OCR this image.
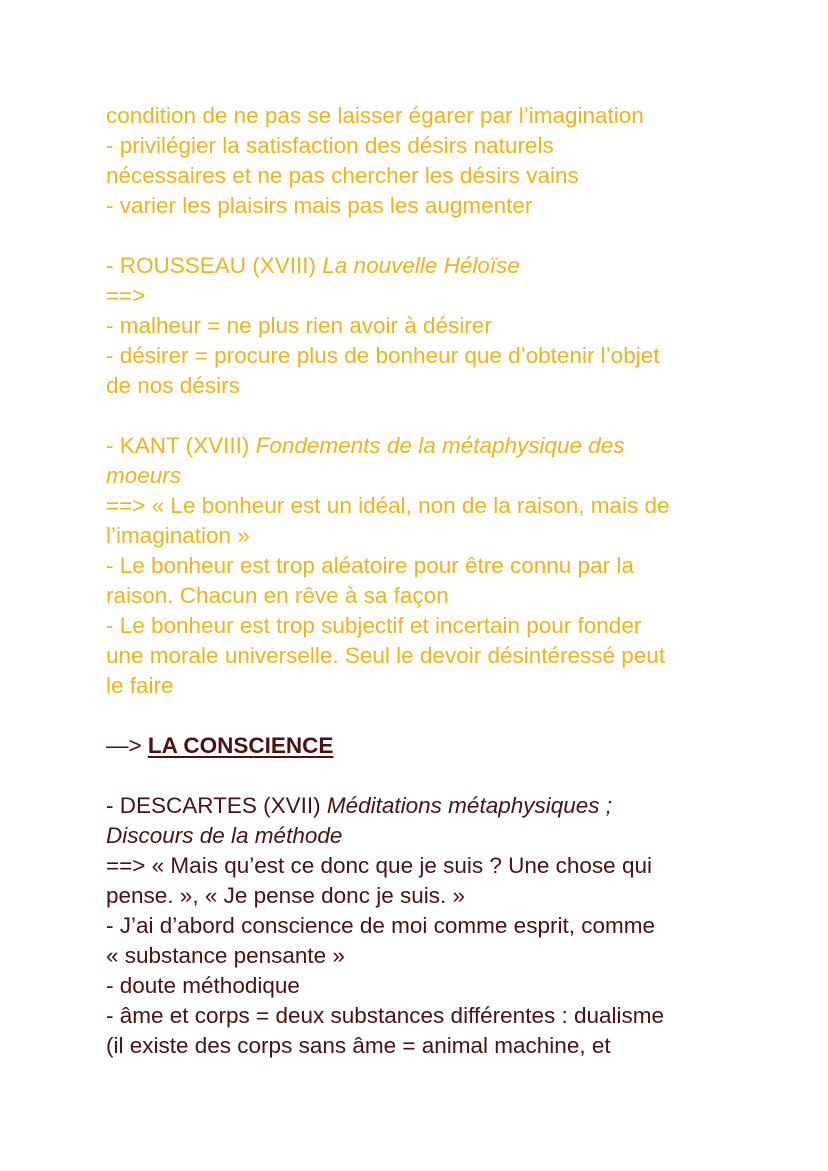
condition de ne pas se laisser égarer par l’imagination
- privilégier la satisfaction des désirs naturels
nécessaires et ne pas chercher les désirs vains
- varier les plaisirs mais pas les augmenter
- ROUSSEAU (XVIII) La nouvelle Héloïse
==>
- malheur = ne plus rien avoir à désirer
- désirer = procure plus de bonheur que d’obtenir l’objet
de nos désirs
- KANT (XVIII) Fondements de la métaphysique des
moeurs
==> « Le bonheur est un idéal, non de la raison, mais de
l’imagination »
- Le bonheur est trop aléatoire pour être connu par la
raison. Chacun en rêve à sa façon
- Le bonheur est trop subjectif et incertain pour fonder
une morale universelle. Seul le devoir désintéressé peut
le faire
—> LA CONSCIENCE
- DESCARTES (XVII) Méditations métaphysiques ;
Discours de la méthode
==> « Mais qu’est ce donc que je suis ? Une chose qui
pense. », « Je pense donc je suis. »
- J’ai d’abord conscience de moi comme esprit, comme
« substance pensante »
- doute méthodique
- âme et corps = deux substances différentes : dualisme
(il existe des corps sans âme = animal machine, et
